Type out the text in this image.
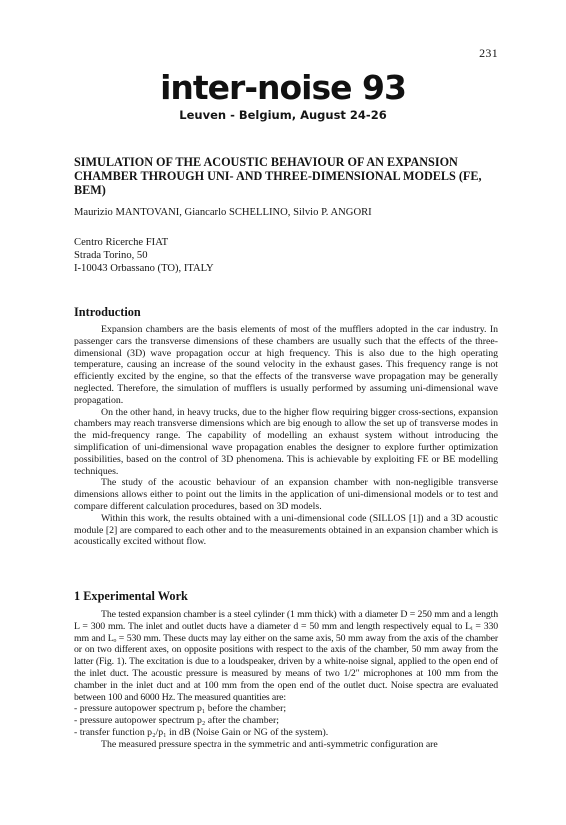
231
inter-noise 93
Leuven - Belgium, August 24-26
SIMULATION OF THE ACOUSTIC BEHAVIOUR OF AN EXPANSION CHAMBER THROUGH UNI- AND THREE-DIMENSIONAL MODELS (FE, BEM)
Maurizio MANTOVANI, Giancarlo SCHELLINO, Silvio P. ANGORI
Centro Ricerche FIAT
Strada Torino, 50
I-10043 Orbassano (TO), ITALY
Introduction

Expansion chambers are the basis elements of most of the mufflers adopted in the car industry. In passenger cars the transverse dimensions of these chambers are usually such that the effects of the three-dimensional (3D) wave propagation occur at high frequency. This is also due to the high operating temperature, causing an increase of the sound velocity in the exhaust gases. This frequency range is not efficiently excited by the engine, so that the effects of the transverse wave propagation may be generally neglected. Therefore, the simulation of mufflers is usually performed by assuming uni-dimensional wave propagation.

On the other hand, in heavy trucks, due to the higher flow requiring bigger cross-sections, expansion chambers may reach transverse dimensions which are big enough to allow the set up of transverse modes in the mid-frequency range. The capability of modelling an exhaust system without introducing the simplification of uni-dimensional wave propagation enables the designer to explore further optimization possibilities, based on the control of 3D phenomena. This is achievable by exploiting FE or BE modelling techniques.

The study of the acoustic behaviour of an expansion chamber with non-negligible transverse dimensions allows either to point out the limits in the application of uni-dimensional models or to test and compare different calculation procedures, based on 3D models.

Within this work, the results obtained with a uni-dimensional code (SILLOS [1]) and a 3D acoustic module [2] are compared to each other and to the measurements obtained in an expansion chamber which is acoustically excited without flow.

1 Experimental Work

The tested expansion chamber is a steel cylinder (1 mm thick) with a diameter D = 250 mm and a length L = 300 mm. The inlet and outlet ducts have a diameter d = 50 mm and length respectively equal to Lᵢ = 330 mm and Lₒ = 530 mm. These ducts may lay either on the same axis, 50 mm away from the axis of the chamber or on two different axes, on opposite positions with respect to the axis of the chamber, 50 mm away from the latter (Fig. 1). The excitation is due to a loudspeaker, driven by a white-noise signal, applied to the open end of the inlet duct. The acoustic pressure is measured by means of two 1/2" microphones at 100 mm from the chamber in the inlet duct and at 100 mm from the open end of the outlet duct. Noise spectra are evaluated between 100 and 6000 Hz. The measured quantities are:

- pressure autopower spectrum p₁ before the chamber;
- pressure autopower spectrum p₂ after the chamber;
- transfer function p₂/p₁ in dB (Noise Gain or NG of the system).
The measured pressure spectra in the symmetric and anti-symmetric configuration are
